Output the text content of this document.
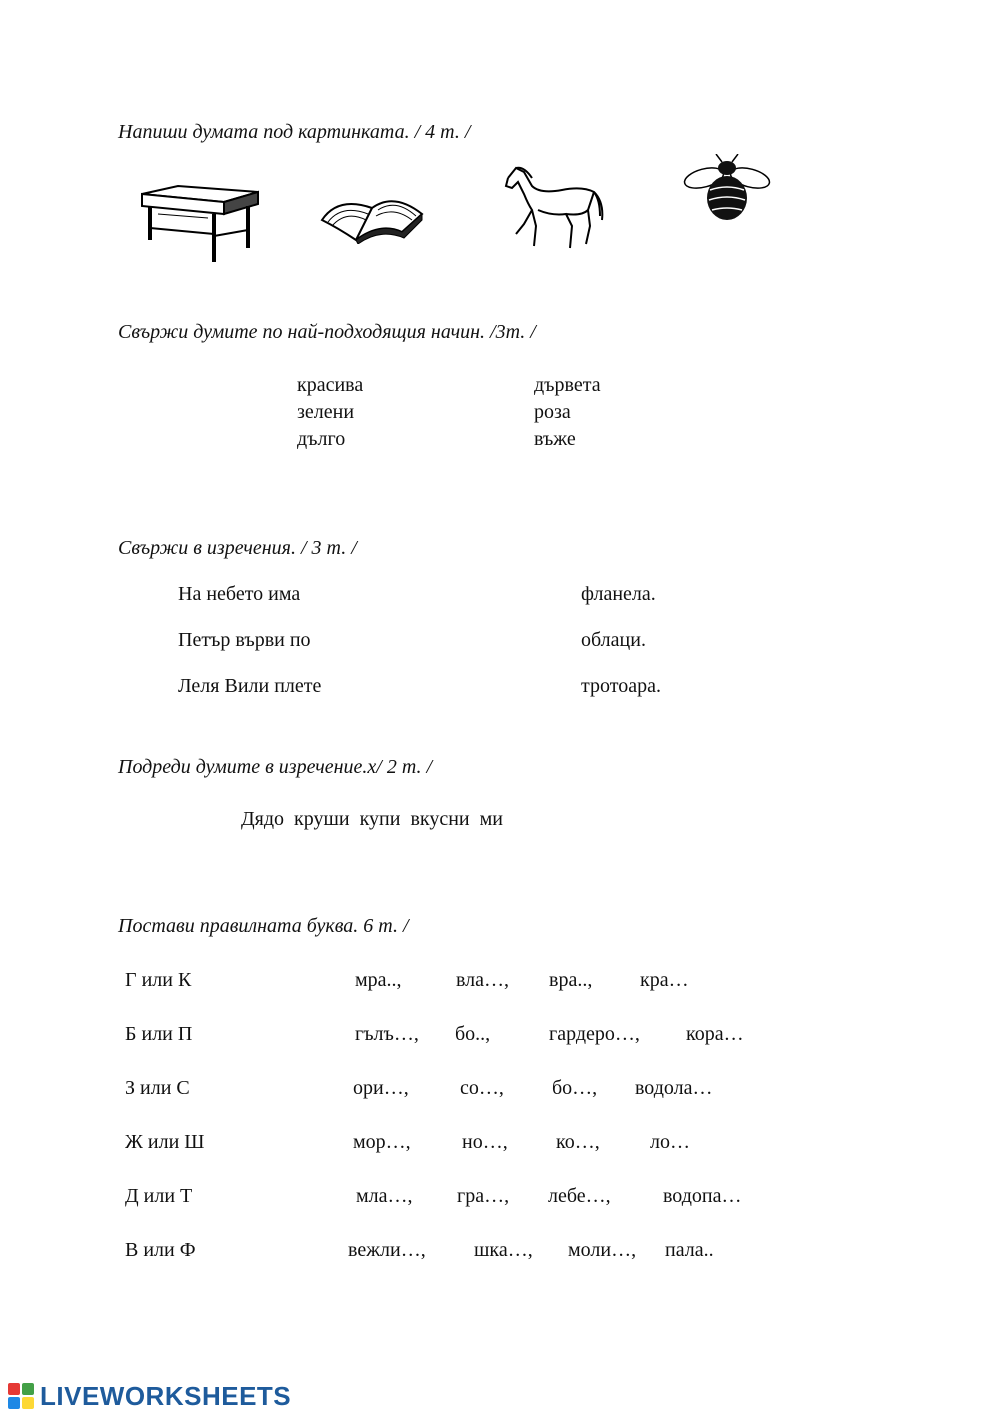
Напиши думата под картинката. / 4 т. /
Свържи думите по най-подходящия начин. /3т. /
красива
зелени
дълго
дървета
роза
въже
Свържи в изречения. / 3 т. /
На небето има
Петър върви по
Леля Вили плете
фланела.
облаци.
тротоара.
Подреди думите в изречение.х/ 2 т. /
Дядо круши купи вкусни ми
Постави правилната буква. 6 т. /
Г или К	мра..,	вла…, вра.., кра…
Б или П	гълъ…, бо..,	гардеро…, кора…
З или С	ори…,	со…, бо…, водола…
Ж или Ш	мор…,	но…, ко…,	ло…
Д или Т	мла…, гра…, лебе…,	водопа…
В или Ф	вежли…, шка…, моли…, пала..
LIVEWORKSHEETS
